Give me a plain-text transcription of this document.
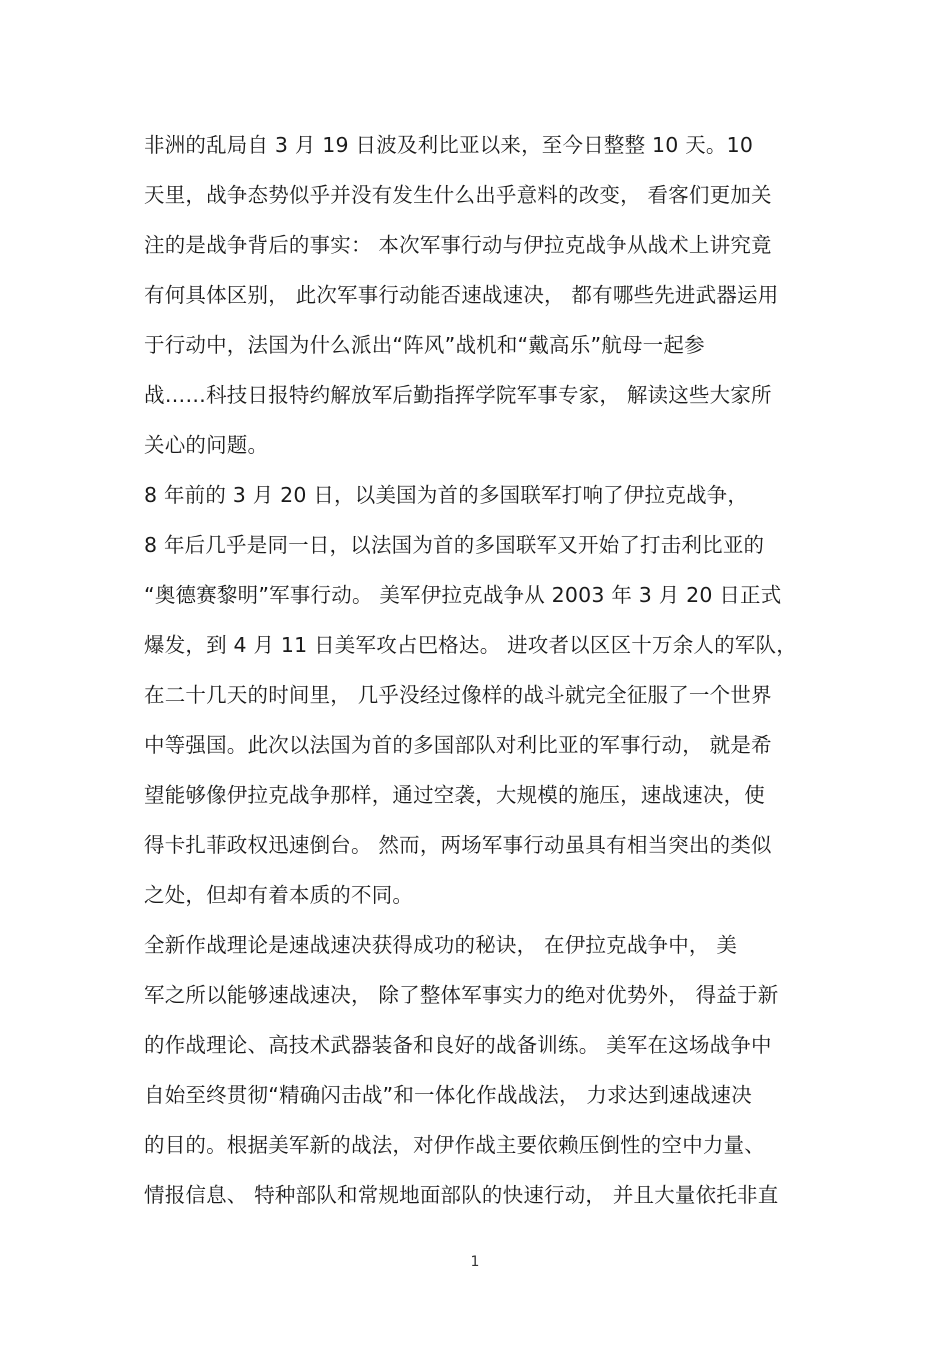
非洲的乱局自 3 月 19 日波及利比亚以来，至今日整整 10 天。10
天里，战争态势似乎并没有发生什么出乎意料的改变， 看客们更加关
注的是战争背后的事实： 本次军事行动与伊拉克战争从战术上讲究竟
有何具体区别， 此次军事行动能否速战速决， 都有哪些先进武器运用
于行动中，法国为什么派出“阵风”战机和“戴高乐”航母一起参
战……科技日报特约解放军后勤指挥学院军事专家， 解读这些大家所
关心的问题。
8 年前的 3 月 20 日，以美国为首的多国联军打响了伊拉克战争，
8 年后几乎是同一日，以法国为首的多国联军又开始了打击利比亚的
“奥德赛黎明”军事行动。 美军伊拉克战争从 2003 年 3 月 20 日正式
爆发，到 4 月 11 日美军攻占巴格达。 进攻者以区区十万余人的军队，
在二十几天的时间里， 几乎没经过像样的战斗就完全征服了一个世界
中等强国。此次以法国为首的多国部队对利比亚的军事行动， 就是希
望能够像伊拉克战争那样，通过空袭，大规模的施压，速战速决，使
得卡扎菲政权迅速倒台。 然而，两场军事行动虽具有相当突出的类似
之处，但却有着本质的不同。
全新作战理论是速战速决获得成功的秘诀， 在伊拉克战争中， 美
军之所以能够速战速决， 除了整体军事实力的绝对优势外， 得益于新
的作战理论、高技术武器装备和良好的战备训练。 美军在这场战争中
自始至终贯彻“精确闪击战”和一体化作战战法， 力求达到速战速决
的目的。根据美军新的战法，对伊作战主要依赖压倒性的空中力量、
情报信息、 特种部队和常规地面部队的快速行动， 并且大量依托非直
1
